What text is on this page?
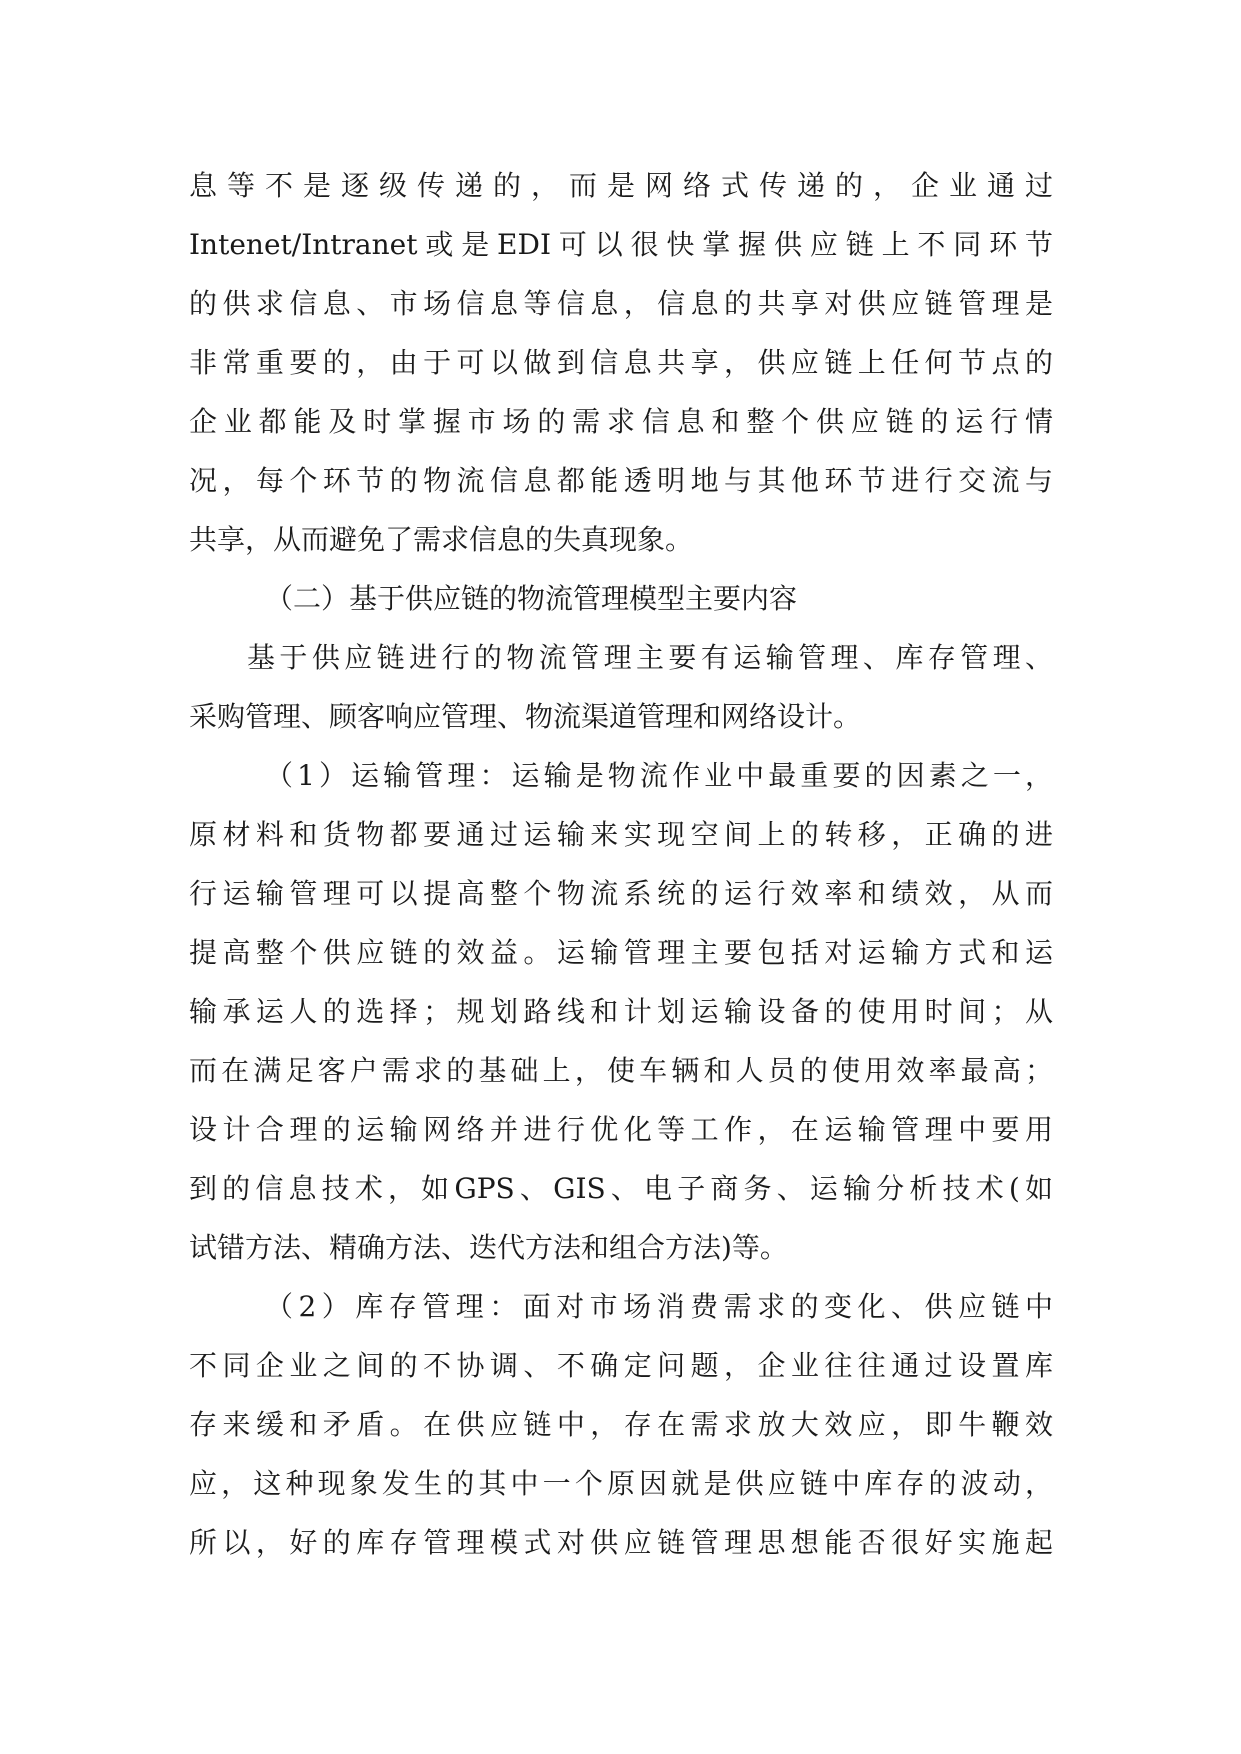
息等不是逐级传递的，而是网络式传递的，企业通过
Intenet/Intranet或是EDI可以很快掌握供应链上不同环节
的供求信息、市场信息等信息，信息的共享对供应链管理是
非常重要的，由于可以做到信息共享，供应链上任何节点的
企业都能及时掌握市场的需求信息和整个供应链的运行情
况，每个环节的物流信息都能透明地与其他环节进行交流与
共享，从而避免了需求信息的失真现象。
（二）基于供应链的物流管理模型主要内容
基于供应链进行的物流管理主要有运输管理、库存管理、
采购管理、顾客响应管理、物流渠道管理和网络设计。
（1）运输管理：运输是物流作业中最重要的因素之一，
原材料和货物都要通过运输来实现空间上的转移，正确的进
行运输管理可以提高整个物流系统的运行效率和绩效，从而
提高整个供应链的效益。运输管理主要包括对运输方式和运
输承运人的选择；规划路线和计划运输设备的使用时间；从
而在满足客户需求的基础上，使车辆和人员的使用效率最高；
设计合理的运输网络并进行优化等工作，在运输管理中要用
到的信息技术，如GPS、GIS、电子商务、运输分析技术(如
试错方法、精确方法、迭代方法和组合方法)等。
（2）库存管理：面对市场消费需求的变化、供应链中
不同企业之间的不协调、不确定问题，企业往往通过设置库
存来缓和矛盾。在供应链中，存在需求放大效应，即牛鞭效
应，这种现象发生的其中一个原因就是供应链中库存的波动，
所以，好的库存管理模式对供应链管理思想能否很好实施起
